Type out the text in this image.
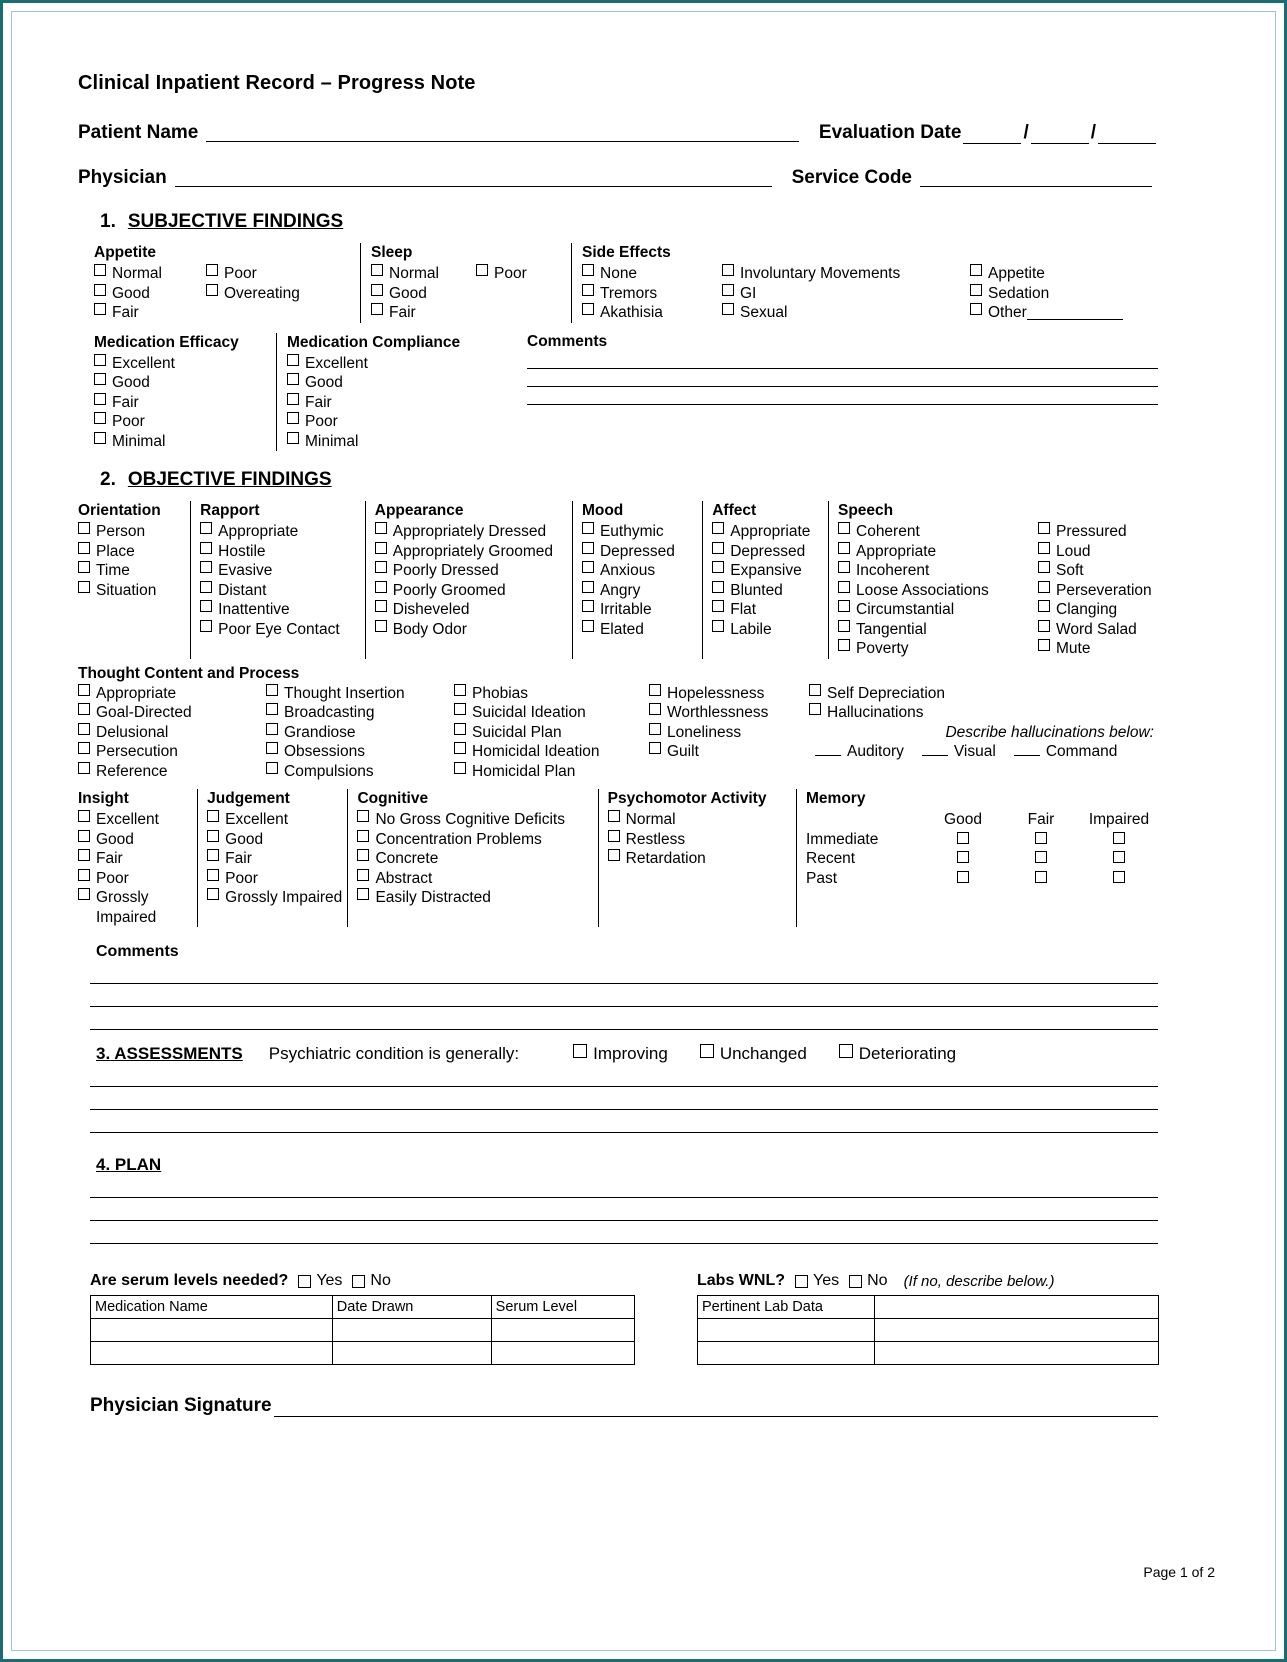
Clinical Inpatient Record – Progress Note
Patient Name	Evaluation Date	/	/
Physician	Service Code
1. SUBJECTIVE FINDINGS
Appetite
Normal
Good
Fair
Poor
Overeating
Sleep
Normal
Good
Fair
Poor
Side Effects
None
Tremors
Akathisia
Involuntary Movements
GI
Sexual
Appetite
Sedation
Other
Medication Efficacy
Excellent
Good
Fair
Poor
Minimal
Medication Compliance
Excellent
Good
Fair
Poor
Minimal
Comments
2. OBJECTIVE FINDINGS
Orientation
Person
Place
Time
Situation
Rapport
Appropriate
Hostile
Evasive
Distant
Inattentive
Poor Eye Contact
Appearance
Appropriately Dressed
Appropriately Groomed
Poorly Dressed
Poorly Groomed
Disheveled
Body Odor
Mood
Euthymic
Depressed
Anxious
Angry
Irritable
Elated
Affect
Appropriate
Depressed
Expansive
Blunted
Flat
Labile
Speech
Coherent
Appropriate
Incoherent
Loose Associations
Circumstantial
Tangential
Poverty
Pressured
Loud
Soft
Perseveration
Clanging
Word Salad
Mute
Thought Content and Process
Appropriate
Goal-Directed
Delusional
Persecution
Reference
Thought Insertion
Broadcasting
Grandiose
Obsessions
Compulsions
Phobias
Suicidal Ideation
Suicidal Plan
Homicidal Ideation
Homicidal Plan
Hopelessness
Worthlessness
Loneliness
Guilt
Self Depreciation
Hallucinations
Describe hallucinations below:
Auditory	Visual	Command
Insight
Excellent
Good
Fair
Poor
Grossly Impaired
Judgement
Excellent
Good
Fair
Poor
Grossly Impaired
Cognitive
No Gross Cognitive Deficits
Concentration Problems
Concrete
Abstract
Easily Distracted
Psychomotor Activity
Normal
Restless
Retardation
Memory
Good	Fair	Impaired
Immediate
Recent
Past
Comments
3. ASSESSMENTS Psychiatric condition is generally:	Improving	Unchanged	Deteriorating
4. PLAN
Are serum levels needed? Yes No
Medication Name	Date Drawn	Serum Level

Labs WNL? Yes No (If no, describe below.)
Pertinent Lab Data	

Physician Signature
Page 1 of 2
